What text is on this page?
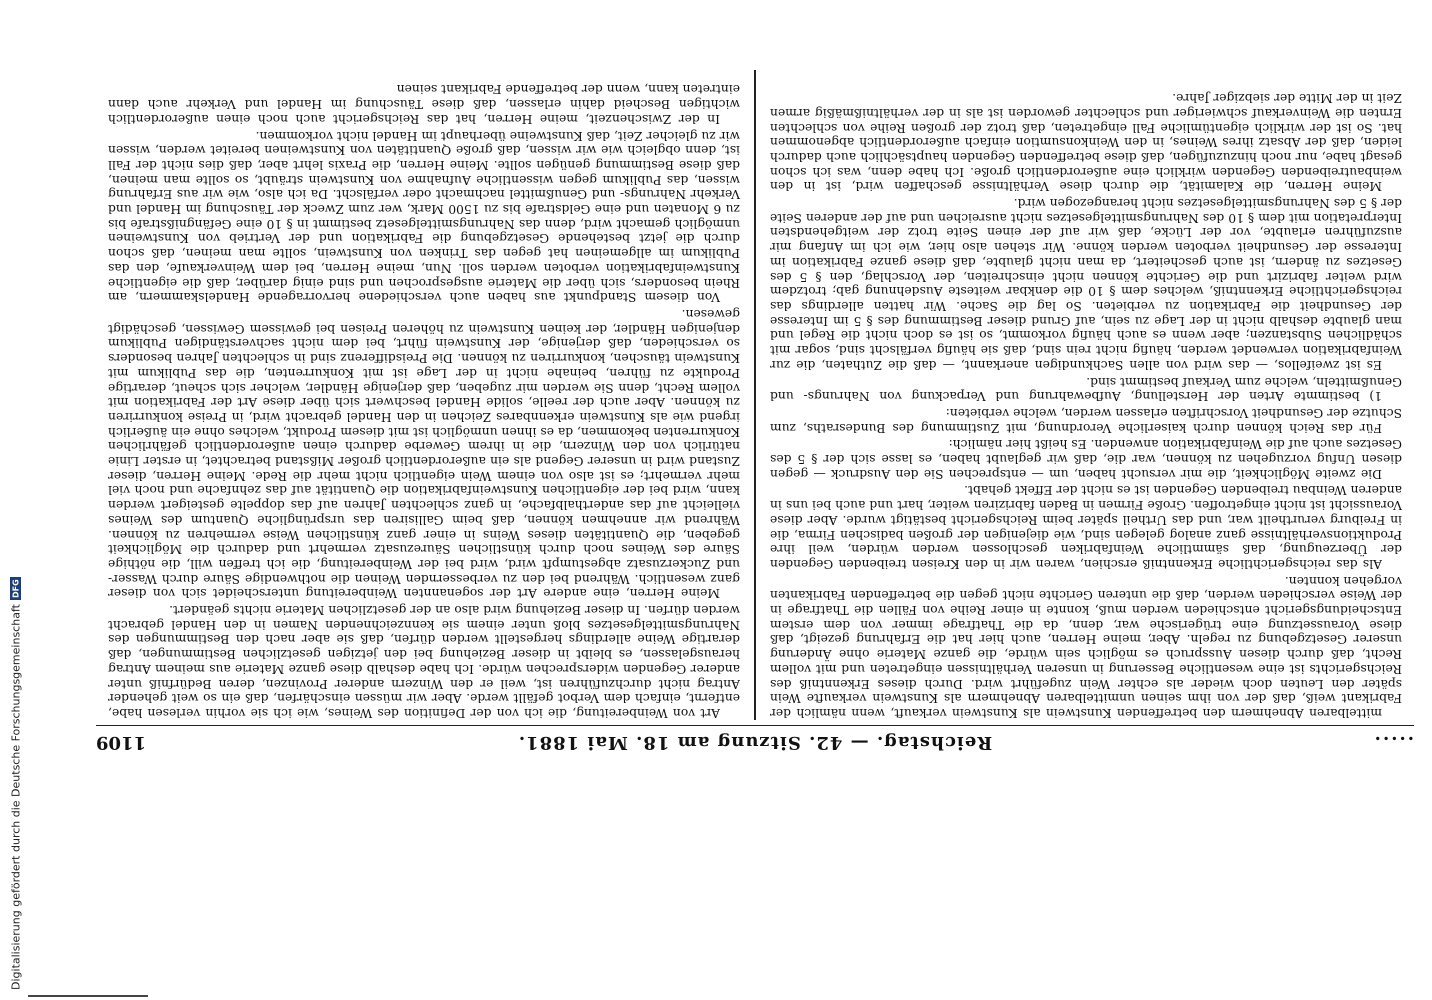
.....
Reichstag. — 42. Sitzung am 18. Mai 1881.
1109

mittelbaren Abnehmern den betreffenden Kunstwein als Kunstwein verkauft, wenn nämlich der Fabrikant weiß, daß der von ihm seinen unmittelbaren Abnehmern als Kunstwein verkaufte Wein später den Leuten doch wieder als echter Wein zugeführt wird. Durch dieses Erkenntniß des Reichsgerichts ist eine wesentliche Besserung in unseren Verhältnissen eingetreten und mit vollem Recht, daß durch diesen Ausspruch es möglich sein würde, die ganze Materie ohne Änderung unserer Gesetzgebung zu regeln. Aber, meine Herren, auch hier hat die Erfahrung gezeigt, daß diese Voraussetzung eine trügerische war, denn, da die Thatfrage immer von dem erstem Entscheidungsgericht entschieden werden muß, konnte in einer Reihe von Fällen die Thatfrage in der Weise verschieden werden, daß die unteren Gerichte nicht gegen die betreffenden Fabrikanten vorgehen konnten.

Als das reichsgerichtliche Erkenntniß erschien, waren wir in den Kreisen treibenden Gegenden der Überzeugung, daß sämmtliche Weinfabriken geschlossen werden würden, weil ihre Produktionsverhältnisse ganz analog gelegen sind, wie diejenigen der großen badischen Firma, die in Freiburg verurtheilt war, und das Urtheil später beim Reichsgericht bestätigt wurde. Aber diese Voraussicht ist nicht eingetroffen. Große Firmen in Baden fabriziren weiter, hart und auch bei uns in anderen Weinbau treibenden Gegenden ist es nicht der Effekt gehabt.

Die zweite Möglichkeit, die mir versucht haben, um — entsprechen Sie den Ausdruck — gegen diesen Unfug vorzugehen zu können, war die, daß wir geglaubt haben, es lasse sich der § 5 des Gesetzes auch auf die Weinfabrikation anwenden. Es heißt hier nämlich:

Für das Reich können durch kaiserliche Verordnung, mit Zustimmung des Bundesraths, zum Schutze der Gesundheit Vorschriften erlassen werden, welche verbieten:

1) bestimmte Arten der Herstellung, Aufbewahrung und Verpackung von Nahrungs- und Genußmitteln, welche zum Verkauf bestimmt sind.

Es ist zweifellos, — das wird von allen Sachkundigen anerkannt, — daß die Zuthaten, die zur Weinfabrikation verwendet werden, häufig nicht rein sind, daß sie häufig verfälscht sind, sogar mit schädlichen Substanzen; aber wenn es auch häufig vorkommt, so ist es doch nicht die Regel und man glaubte deshalb nicht in der Lage zu sein, auf Grund dieser Bestimmung des § 5 im Interesse der Gesundheit die Fabrikation zu verbieten. So lag die Sache. Wir hatten allerdings das reichsgerichtliche Erkenntniß, welches dem § 10 die denkbar weiteste Ausdehnung gab; trotzdem wird weiter fabrizirt und die Gerichte können nicht einschreiten, der Vorschlag, den § 5 des Gesetzes zu ändern, ist auch gescheitert, da man nicht glaubte, daß diese ganze Fabrikation im Interesse der Gesundheit verboten werden könne. Wir stehen also hier, wie ich im Anfang mir auszuführen erlaubte, vor der Lücke, daß wir auf der einen Seite trotz der weitgehendsten Interpretation mit dem § 10 des Nahrungsmittelgesetzes nicht ausreichen und auf der anderen Seite der § 5 des Nahrungsmittelgesetzes nicht herangezogen wird.

Meine Herren, die Kalamität, die durch diese Verhältnisse geschaffen wird, ist in den weinbautreibenden Gegenden wirklich eine außerordentlich große. Ich habe denn, was ich schon gesagt habe, nur noch hinzuzufügen, daß diese betreffenden Gegenden hauptsächlich auch dadurch leiden, daß der Absatz ihres Weines, in den Weinkonsumtion einfach außerordentlich abgenommen hat. So ist der wirklich eigentümliche Fall eingetreten, daß trotz der großen Reihe von schlechten Ernten die Weinverkauf schwieriger und schlechter geworden ist als in der verhältnißmäßig armen Zeit in der Mitte der siebziger Jahre.

Art von Weinbereitung, die ich von der Definition des Weines, wie ich sie vorhin verlesen habe, entfernt, einfach dem Verbot gefällt werde. Aber wir müssen einschärfen, daß ein so weit gehender Antrag nicht durchzuführen ist, weil er den Winzern anderer Provinzen, deren Bedürfniß unter anderer Gegenden widersprechen würde. Ich habe deshalb diese ganze Materie aus meinem Antrag herausgelassen, es bleibt in dieser Beziehung bei den jetzigen gesetzlichen Bestimmungen, daß derartige Weine allerdings hergestellt werden dürfen, daß sie aber nach den Bestimmungen des Nahrungsmittelgesetzes bloß unter einem sie kennzeichnenden Namen in den Handel gebracht werden dürfen. In dieser Beziehung wird also an der gesetzlichen Materie nichts geändert.

Meine Herren, eine andere Art der sogenannten Weinbereitung unterscheidet sich von dieser ganz wesentlich. Während bei den zu verbessernden Weinen die nothwendige Säure durch Wasser- und Zuckerzusatz abgestumpft wird, wird bei der Weinbereitung, die ich treffen will, die nöthige Säure des Weines noch durch künstlichen Säurezusatz vermehrt und dadurch die Möglichkeit gegeben, die Quantitäten dieses Weins in einer ganz künstlichen Weise vermehren zu können. Während wir annehmen können, daß beim Gallisiren das ursprüngliche Quantum des Weines vielleicht auf das anderthalbfache, in ganz schlechten Jahren auf das doppelte gesteigert werden kann, wird bei der eigentlichen Kunstweinfabrikation die Quantität auf das zehnfache und noch viel mehr vermehrt; es ist also von einem Wein eigentlich nicht mehr die Rede. Meine Herren, dieser Zustand wird in unserer Gegend als ein außerordentlich großer Mißstand betrachtet, in erster Linie natürlich von den Winzern, die in ihrem Gewerbe dadurch einen außerordentlich gefährlichen Konkurrenten bekommen, da es ihnen unmöglich ist mit diesem Produkt, welches ohne ein äußerlich irgend wie als Kunstwein erkennbares Zeichen in den Handel gebracht wird, in Preise konkurriren zu können. Aber auch der reelle, solide Handel beschwert sich über diese Art der Fabrikation mit vollem Recht, denn Sie werden mir zugeben, daß derjenige Händler, welcher sich scheut, derartige Produkte zu führen, beinahe nicht in der Lage ist mit Konkurrenten, die das Publikum mit Kunstwein täuschen, konkurriren zu können. Die Preisdifferenz sind in schlechten Jahren besonders so verschieden, daß derjenige, der Kunstwein führt, bei dem nicht sachverständigen Publikum denjenigen Händler, der keinen Kunstwein zu höheren Preisen bei gewissem Gewissen, geschädigt gewesen.

Von diesem Standpunkt aus haben auch verschiedene hervorragende Handelskammern, am Rhein besonders, sich über die Materie ausgesprochen und sind einig darüber, daß die eigentliche Kunstweinfabrikation verboten werden soll. Nun, meine Herren, bei dem Weinverkaufe, den das Publikum im allgemeinen hat gegen das Trinken von Kunstwein, sollte man meinen, daß schon durch die jetzt bestehende Gesetzgebung die Fabrikation und der Vertrieb von Kunstweinen unmöglich gemacht wird, denn das Nahrungsmittelgesetz bestimmt in § 10 eine Gefängnißstrafe bis zu 6 Monaten und eine Geldstrafe bis zu 1500 Mark, wer zum Zweck der Täuschung im Handel und Verkehr Nahrungs- und Genußmittel nachmacht oder verfälscht. Da ich also, wie wir aus Erfahrung wissen, das Publikum gegen wissentliche Aufnahme von Kunstwein sträubt, so sollte man meinen, daß diese Bestimmung genügen sollte. Meine Herren, die Praxis lehrt aber, daß dies nicht der Fall ist, denn obgleich wie wir wissen, daß große Quantitäten von Kunstweinen bereitet werden, wissen wir zu gleicher Zeit, daß Kunstweine überhaupt im Handel nicht vorkommen.

In der Zwischenzeit, meine Herren, hat das Reichsgericht auch noch einen außerordentlich wichtigen Bescheid dahin erlassen, daß diese Täuschung im Handel und Verkehr auch dann eintreten kann, wenn der betreffende Fabrikant seinen

Digitalisierung gefördert durch die Deutsche Forschungsgemeinschaft
DFG
